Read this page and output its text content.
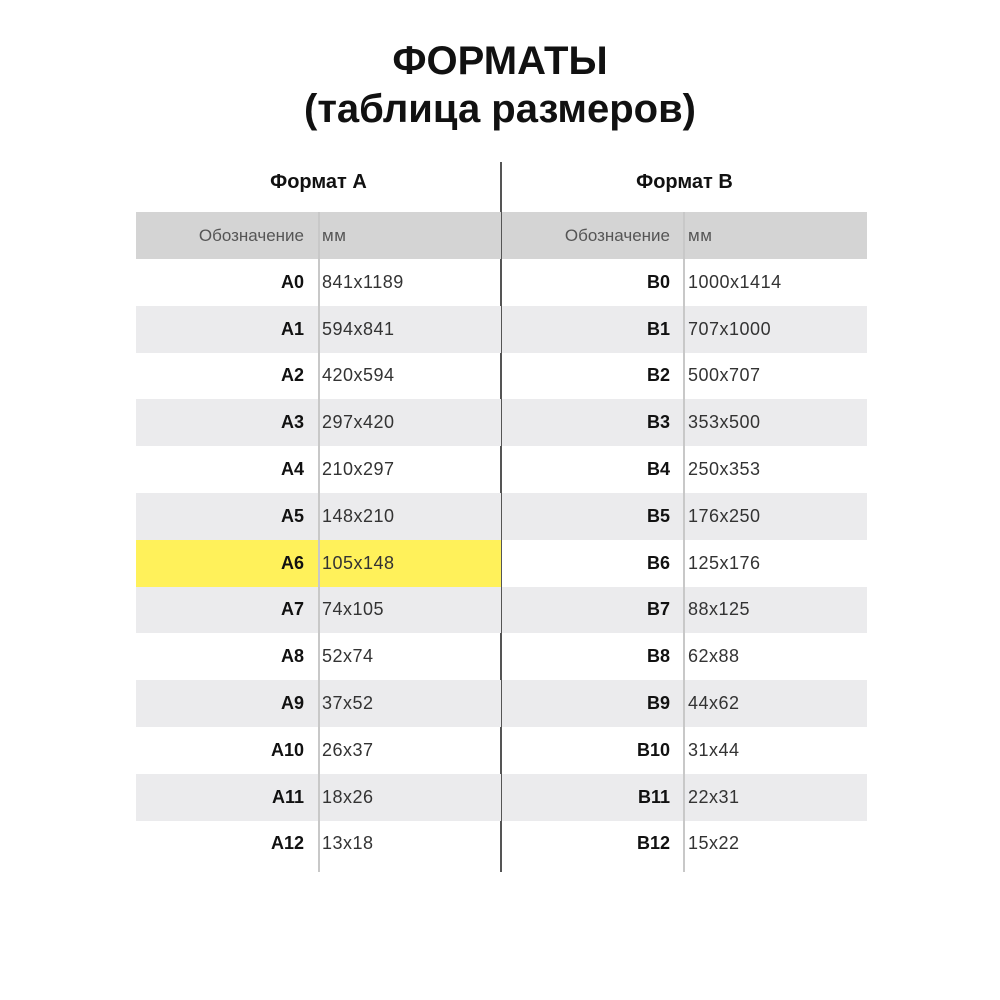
ФОРМАТЫ
(таблица размеров)
Формат А
Обозначение	мм
A0	841x1189
A1	594x841
A2	420x594
A3	297x420
A4	210x297
A5	148x210
A6	105x148
A7	74x105
A8	52x74
A9	37x52
A10	26x37
A11	18x26
A12	13x18
Формат В
Обозначение	мм
B0	1000x1414
B1	707x1000
B2	500x707
B3	353x500
B4	250x353
B5	176x250
B6	125x176
B7	88x125
B8	62x88
B9	44x62
B10	31x44
B11	22x31
B12	15x22
